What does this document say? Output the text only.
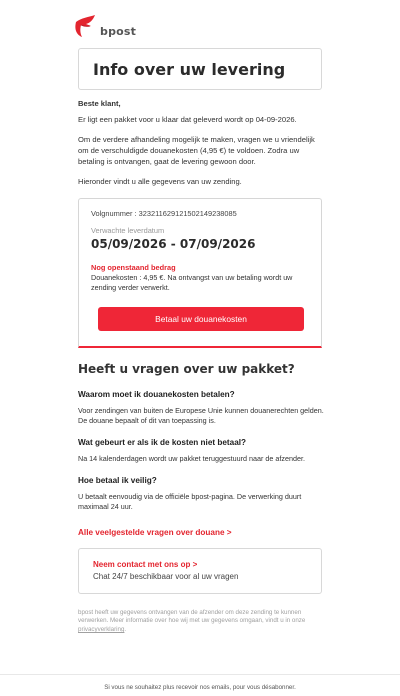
bpost
Info over uw levering

Beste klant,

Er ligt een pakket voor u klaar dat geleverd wordt op 04-09-2026.

Om de verdere afhandeling mogelijk te maken, vragen we u vriendelijk om de verschuldigde douanekosten (4,95 €) te voldoen. Zodra uw betaling is ontvangen, gaat de levering gewoon door.

Hieronder vindt u alle gegevens van uw zending.

Volgnummer : 323211629121502149238085
Verwachte leverdatum
05/09/2026 - 07/09/2026
Nog openstaand bedrag
Douanekosten : 4,95 €. Na ontvangst van uw betaling wordt uw zending verder verwerkt.
Betaal uw douanekosten
Heeft u vragen over uw pakket?
Waarom moet ik douanekosten betalen?
Voor zendingen van buiten de Europese Unie kunnen douanerechten gelden. De douane bepaalt of dit van toepassing is.
Wat gebeurt er als ik de kosten niet betaal?
Na 14 kalenderdagen wordt uw pakket teruggestuurd naar de afzender.
Hoe betaal ik veilig?
U betaalt eenvoudig via de officiële bpost-pagina. De verwerking duurt maximaal 24 uur.
Alle veelgestelde vragen over douane >
Neem contact met ons op >
Chat 24/7 beschikbaar voor al uw vragen
bpost heeft uw gegevens ontvangen van de afzender om deze zending te kunnen verwerken. Meer informatie over hoe wij met uw gegevens omgaan, vindt u in onze privacyverklaring.
Si vous ne souhaitez plus recevoir nos emails, pour vous désabonner.
